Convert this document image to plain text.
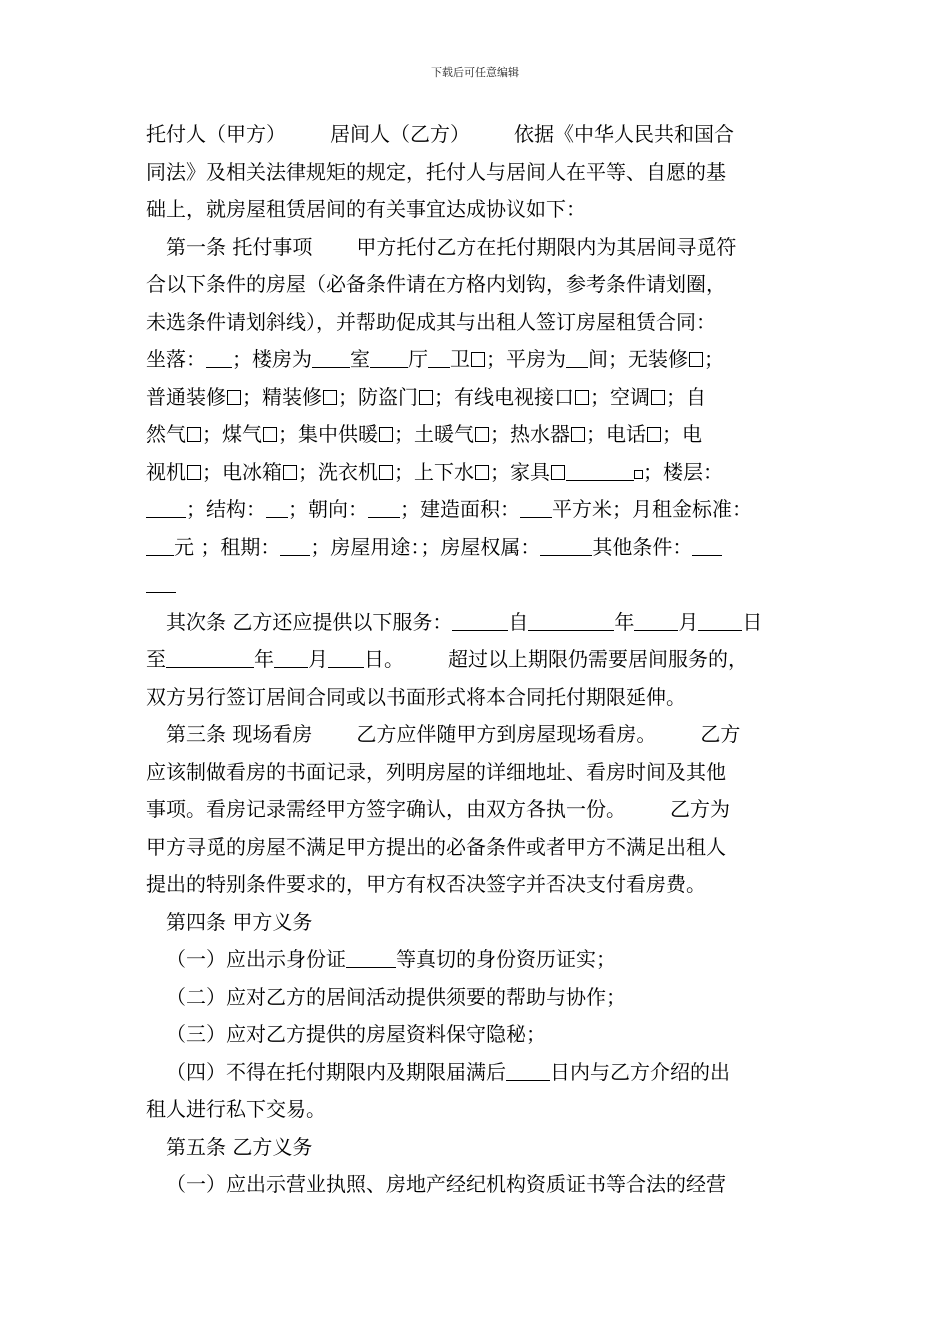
下载后可任意编辑

托付人（甲方） 居间人（乙方） 依据《中华人民共和国合

同法》及相关法律规矩的规定，托付人与居间人在平等、自愿的基

础上，就房屋租赁居间的有关事宜达成协议如下：

第一条 托付事项 甲方托付乙方在托付期限内为其居间寻觅符

合以下条件的房屋（必备条件请在方格内划钩，参考条件请划圈，

未选条件请划斜线），并帮助促成其与出租人签订房屋租赁合同：

坐落： ；楼房为 室 厅 卫 ；平房为 间；无装修 ；

普通装修 ；精装修 ；防盗门 ；有线电视接口 ；空调 ；自

然气 ；煤气 ；集中供暖 ；土暖气 ；热水器 ；电话 ；电

视机 ；电冰箱 ；洗衣机 ；上下水 ；家具	；楼层：

；结构： ；朝向： ；建造面积： 平方米；月租金标准：

元 ；租期： ；房屋用途：；房屋权属：	其他条件：

其次条 乙方还应提供以下服务：	自	年 月 日

至	年 月 日。 超过以上期限仍需要居间服务的，

双方另行签订居间合同或以书面形式将本合同托付期限延伸。

第三条 现场看房 乙方应伴随甲方到房屋现场看房。 乙方

应该制做看房的书面记录，列明房屋的详细地址、看房时间及其他

事项。看房记录需经甲方签字确认，由双方各执一份。 乙方为

甲方寻觅的房屋不满足甲方提出的必备条件或者甲方不满足出租人

提出的特别条件要求的，甲方有权否决签字并否决支付看房费。

第四条 甲方义务

（一）应出示身份证	等真切的身份资历证实；

（二）应对乙方的居间活动提供须要的帮助与协作；

（三）应对乙方提供的房屋资料保守隐秘；

（四）不得在托付期限内及期限届满后 日内与乙方介绍的出

租人进行私下交易。

第五条 乙方义务

（一）应出示营业执照、房地产经纪机构资质证书等合法的经营
